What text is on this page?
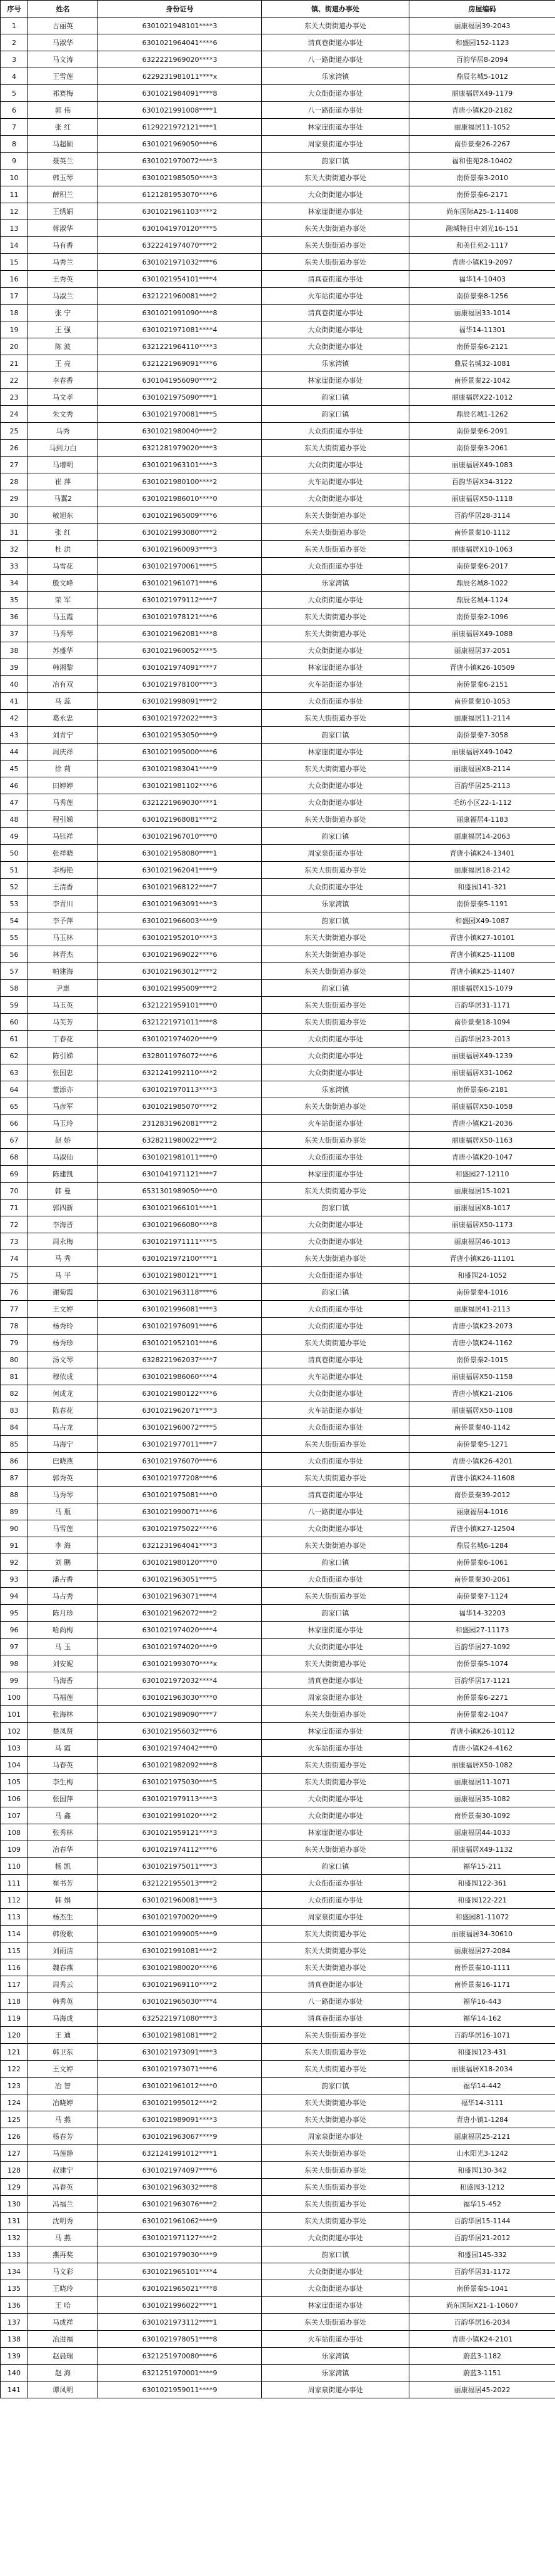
序号	姓名	身份证号	镇、街道办事处	房屋编码
1	古丽英	6301021948101****3	东关大街街道办事处	丽康福居39-2043
2	马淑华	6301021964041****6	清真巷街道办事处	和盛园152-1123
3	马文涛	6322221969020****3	八一路街道办事处	百韵华居8-2094
4	王雪莲	6229231981011****x	乐家湾镇	鼎辰名城5-1012
5	祁赛梅	6301021984091****8	大众街街道办事处	丽康福居X49-1179
6	郭 伟	6301021991008****1	八一路街道办事处	青唐小镇K20-2182
7	张 红	6129221972121****1	林家崖街道办事处	丽康福居11-1052
8	马超颖	6301021969050****6	周家泉街道办事处	南侨景秦26-2267
9	聂英兰	6301021970072****3	韵家口镇	福和佳苑28-10402
10	韩玉琴	6301021985050****3	东关大街街道办事处	南侨景秦3-2010
11	薛积兰	6121281953070****6	大众街街道办事处	南侨景秦6-2171
12	王绣娟	6301021961103****2	林家崖街道办事处	尚东国际A25-1-11408
13	蒋淑华	6301041970120****5	东关大街街道办事处	融城特目中刘光16-151
14	马有香	6322241974070****2	东关大街街道办事处	和美佳苑2-1117
15	马秀兰	6301021971032****6	东关大街街道办事处	青唐小镇K19-2097
16	王秀英	6301021954101****4	清真巷街道办事处	福华14-10403
17	马淑兰	6321221960081****2	火车站街道办事处	南侨景秦8-1256
18	张 宁	6301021991090****8	清真巷街道办事处	丽康福居33-1014
19	王 强	6301021971081****4	大众街街道办事处	福华14-11301
20	陈 波	6321221964110****3	大众街街道办事处	南侨景秦6-2121
21	王 亮	6321221969091****6	乐家湾镇	鼎辰名城32-1081
22	李春香	6301041956090****2	林家崖街道办事处	南侨景秦22-1042
23	马文孝	6301021975090****1	韵家口镇	丽康福居X22-1012
24	朱文秀	6301021970081****5	韵家口镇	鼎辰名城1-1262
25	马秀	6301021980040****2	大众街街道办事处	南侨景秦6-2091
26	马到力白	6321281979020****3	东关大街街道办事处	南侨景秦3-2061
27	马增明	6301021963101****3	大众街街道办事处	丽康福居X49-1083
28	崔 萍	6301021980100****2	火车站街道办事处	百韵华居X34-3122
29	马翼2	6301021986010****0	大众街街道办事处	丽康福居X50-1118
30	敏旭东	6301021965009****6	东关大街街道办事处	百韵华居28-3114
31	张 红	6301021993080****2	东关大街街道办事处	南侨景秦10-1112
32	杜 洪	6301021960093****3	东关大街街道办事处	丽康福居X10-1063
33	马雪花	6301021970061****5	大众街街道办事处	南侨景秦6-2017
34	殷文峰	6301021961071****6	乐家湾镇	鼎辰名城8-1022
35	荣 军	6301021979112****7	大众街街道办事处	鼎辰名城4-1124
36	马玉霞	6301021978121****6	东关大街街道办事处	南侨景秦2-1096
37	马秀琴	6301021962081****8	东关大街街道办事处	丽康福居X49-1088
38	苏盛华	6301021960052****5	大众街街道办事处	丽康福居37-2051
39	韩湘黎	6301021974091****7	林家崖街道办事处	青唐小镇K26-10509
40	冶有双	6301021978100****3	火车站街道办事处	南侨景秦6-2151
41	马 蕊	6301021998091****2	大众街街道办事处	南侨景秦10-1053
42	葛永忠	6301021972022****3	东关大街街道办事处	丽康福居11-2114
43	刘青宁	6301021953050****9	韵家口镇	南侨景秦7-3058
44	周庆祥	6301021995000****6	林家崖街道办事处	丽康福居X49-1042
45	徐 莉	6301021983041****9	东关大街街道办事处	丽康福居X8-2114
46	田婷婷	6301021981102****6	大众街街道办事处	百韵华居25-2113
47	马秀莲	6321221969030****1	大众街街道办事处	毛纺小区22-1-112
48	程引娣	6301021968081****2	东关大街街道办事处	丽康福居4-1183
49	马钰祥	6301021967010****0	韵家口镇	丽康福居14-2063
50	张祥晓	6301021958080****1	周家泉街道办事处	青唐小镇K24-13401
51	李梅艳	6301021962041****9	东关大街街道办事处	丽康福居18-2142
52	王清香	6301021968122****7	大众街街道办事处	和盛园141-321
53	李青川	6301021963091****3	乐家湾镇	南侨景秦5-1191
54	李予萍	6301021966003****9	韵家口镇	和盛园X49-1087
55	马玉林	6301021952010****3	东关大街街道办事处	青唐小镇K27-10101
56	林青杰	6301021969022****6	东关大街街道办事处	青唐小镇K25-11108
57	帕建海	6301021963012****2	东关大街街道办事处	青唐小镇K25-11407
58	尹惠	6301021995009****2	韵家口镇	丽康福居X15-1079
59	马玉英	6321221959101****0	东关大街街道办事处	百韵华居31-1171
60	马芙芳	6321221971011****8	东关大街街道办事处	南侨景秦18-1094
61	丁春花	6301021974020****9	大众街街道办事处	百韵华居23-2013
62	陈引娣	6328011976072****6	大众街街道办事处	丽康福居X49-1239
63	张国忠	6321241992110****2	大众街街道办事处	丽康福居X31-1062
64	董添亦	6301021970113****3	乐家湾镇	南侨景秦6-2181
65	马彦军	6301021985070****2	东关大街街道办事处	丽康福居X50-1058
66	马玉玲	2312831962081****2	火车站街道办事处	青唐小镇K21-2036
67	赵 娇	6328211980022****2	东关大街街道办事处	丽康福居X50-1163
68	马淑仙	6301021981011****0	大众街街道办事处	青唐小镇K20-1047
69	陈建凯	6301041971121****7	林家崖街道办事处	和盛园27-12110
70	韩 曼	6531301989050****0	东关大街街道办事处	丽康福居15-1021
71	郭四新	6301021966101****1	韵家口镇	丽康福居X8-1017
72	李海晋	6301021966080****8	大众街街道办事处	丽康福居X50-1173
73	周永梅	6301021971111****5	大众街街道办事处	丽康福居46-1013
74	马 秀	6301021972100****1	东关大街街道办事处	青唐小镇K26-11101
75	马 平	6301021980121****1	大众街街道办事处	和盛园24-1052
76	谢菊霞	6301021963118****6	韵家口镇	南侨景秦4-1016
77	王文婷	6301021996081****3	大众街街道办事处	丽康福居41-2113
78	杨秀玲	6301021976091****6	大众街街道办事处	青唐小镇K23-2073
79	杨秀珍	6301021952101****6	东关大街街道办事处	青唐小镇K24-1162
80	汤文琴	6328221962037****7	清真巷街道办事处	南侨景秦2-1015
81	穆依成	6301021986060****4	火车站街道办事处	丽康福居X50-1158
82	何成龙	6301021980122****6	大众街街道办事处	青唐小镇K21-2106
83	陈春花	6301021962071****3	火车站街道办事处	丽康福居X50-1108
84	马占龙	6301021960072****5	大众街街道办事处	南侨景秦40-1142
85	马海宁	6301021977011****7	东关大街街道办事处	南侨景秦5-1271
86	巴晓燕	6301021976070****6	大众街街道办事处	青唐小镇K26-4201
87	郭秀英	6301021977208****6	东关大街街道办事处	青唐小镇K24-11608
88	马秀琴	6301021975081****0	清真巷街道办事处	南侨景秦39-2012
89	马 瓶	6301021990071****6	八一路街道办事处	丽康福居4-1016
90	马雪莲	6301021975022****6	大众街街道办事处	青唐小镇K27-12504
91	李 海	6321231964041****3	东关大街街道办事处	鼎辰名城6-1284
92	刘 鹏	6301021980120****0	韵家口镇	南侨景秦6-1061
93	潘占香	6301021963051****5	大众街街道办事处	南侨景秦30-2061
94	马占秀	6301021963071****4	东关大街街道办事处	南侨景秦7-1124
95	陈月珍	6301021962072****2	韵家口镇	福华14-32203
96	哈尚梅	6301021974020****4	林家崖街道办事处	和盛园27-11173
97	马 玉	6301021974020****9	大众街街道办事处	百韵华居27-1092
98	刘安妮	6301021993070****x	东关大街街道办事处	南侨景秦5-1074
99	马海香	6301021972032****4	清真巷街道办事处	百韵华居17-1121
100	马福莲	6301021963030****0	周家泉街道办事处	南侨景秦6-2271
101	张海林	6301021989090****7	东关大街街道办事处	南侨景秦2-1047
102	楚凤贤	6301021956032****6	林家崖街道办事处	青唐小镇K26-10112
103	马 霞	6301021974042****0	火车站街道办事处	青唐小镇K24-4162
104	马春英	6301021982092****8	东关大街街道办事处	丽康福居X50-1082
105	李生梅	6301021975030****5	东关大街街道办事处	丽康福居11-1071
106	张国萍	6301021979113****3	大众街街道办事处	丽康福居35-1082
107	马 鑫	6301021991020****2	大众街街道办事处	南侨景秦30-1092
108	张秀林	6301021959121****3	林家崖街道办事处	丽康福居44-1033
109	冶春华	6301021974112****6	东关大街街道办事处	丽康福居X49-1132
110	杨 凯	6301021975011****3	韵家口镇	福华15-211
111	崔书芳	6321221955013****2	大众街街道办事处	和盛园122-361
112	韩 娟	6301021960081****3	大众街街道办事处	和盛园122-221
113	杨杰生	6301021970020****9	周家泉街道办事处	和盛园81-11072
114	韩俊歌	6301021999005****9	东关大街街道办事处	丽康福居34-30610
115	刘雨洁	6301021991081****2	东关大街街道办事处	丽康福居27-2084
116	魏春燕	6301021980020****6	东关大街街道办事处	南侨景秦10-1111
117	周秀云	6301021969110****2	清真巷街道办事处	南侨景秦16-1171
118	韩秀英	6301021965030****4	八一路街道办事处	福华16-443
119	马海成	6325221971080****3	清真巷街道办事处	福华14-162
120	王 迪	6301021981081****2	东关大街街道办事处	百韵华居16-1071
121	韩卫东	6301021973091****3	东关大街街道办事处	和盛园123-431
122	王文婷	6301021973071****6	东关大街街道办事处	丽康福居X18-2034
123	冶 智	6301021961012****0	韵家口镇	福华14-442
124	冶晓婷	6301021995012****2	东关大街街道办事处	福华14-3111
125	马 燕	6301021989091****3	东关大街街道办事处	青唐小镇1-1284
126	杨春芳	6301021963067****9	周家泉街道办事处	丽康福居25-2121
127	马莲静	6321241991012****1	东关大街街道办事处	山水阳光3-1242
128	叔建宁	6301021974097****6	东关大街街道办事处	和盛园130-342
129	冯春英	6301021963032****8	东关大街街道办事处	和盛园3-1212
130	冯福兰	6301021963076****2	东关大街街道办事处	福华15-452
131	沈明秀	6301021961062****9	东关大街街道办事处	百韵华居15-1144
132	马 燕	6301021971127****2	大众街街道办事处	百韵华居21-2012
133	燕再奖	6301021979030****9	韵家口镇	和盛园145-332
134	马文彩	6301021965101****4	大众街街道办事处	百韵华居31-1172
135	王晓玲	6301021965021****8	大众街街道办事处	南侨景秦5-1041
136	王 哈	6301021996022****1	林家崖街道办事处	尚东国际X21-1-10607
137	马成祥	6301021973112****1	东关大街街道办事处	百韵华居16-2034
138	冶进福	6301021978051****8	火车站街道办事处	青唐小镇K24-2101
139	赵晨瑞	6321251970080****6	乐家湾镇	蔚蓝3-1182
140	赵 海	6321251970001****9	乐家湾镇	蔚蓝3-1151
141	谭凤明	6301021959011****9	周家泉街道办事处	丽康福居45-2022
